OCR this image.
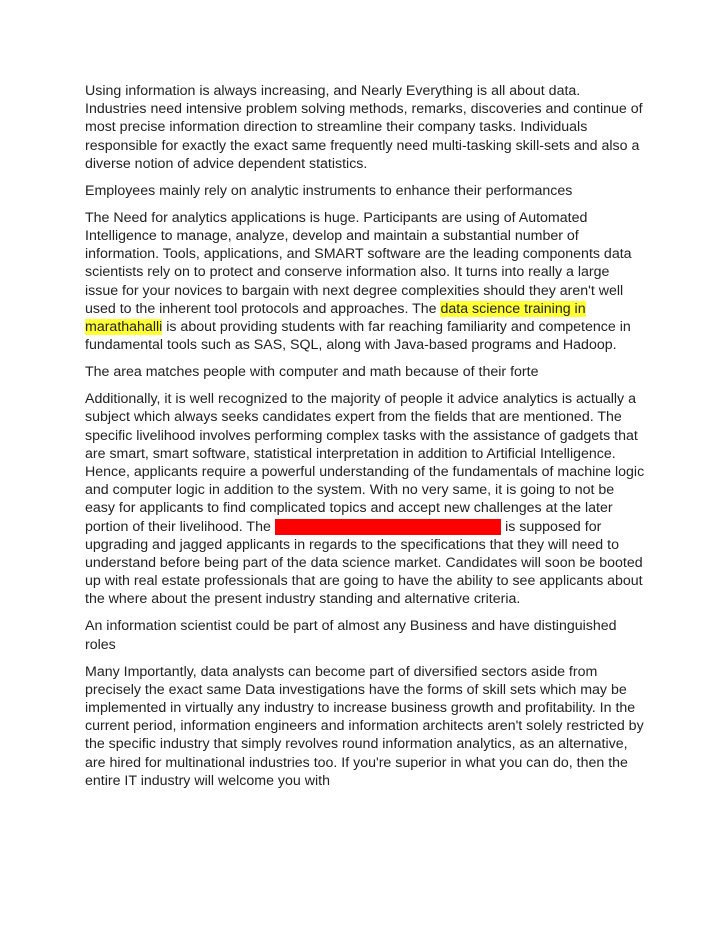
Using information is always increasing, and Nearly Everything is all about data. Industries need intensive problem solving methods, remarks, discoveries and continue of most precise information direction to streamline their company tasks. Individuals responsible for exactly the exact same frequently need multi-tasking skill-sets and also a diverse notion of advice dependent statistics.

Employees mainly rely on analytic instruments to enhance their performances

The Need for analytics applications is huge. Participants are using of Automated Intelligence to manage, analyze, develop and maintain a substantial number of information. Tools, applications, and SMART software are the leading components data scientists rely on to protect and conserve information also. It turns into really a large issue for your novices to bargain with next degree complexities should they aren't well used to the inherent tool protocols and approaches. The data science training in marathahalli is about providing students with far reaching familiarity and competence in fundamental tools such as SAS, SQL, along with Java-based programs and Hadoop.

The area matches people with computer and math because of their forte

Additionally, it is well recognized to the majority of people it advice analytics is actually a subject which always seeks candidates expert from the fields that are mentioned. The specific livelihood involves performing complex tasks with the assistance of gadgets that are smart, smart software, statistical interpretation in addition to Artificial Intelligence. Hence, applicants require a powerful understanding of the fundamentals of machine logic and computer logic in addition to the system. With no very same, it is going to not be easy for applicants to find complicated topics and accept new challenges at the later portion of their livelihood. The data science training in marathahalli is supposed for upgrading and jagged applicants in regards to the specifications that they will need to understand before being part of the data science market. Candidates will soon be booted up with real estate professionals that are going to have the ability to see applicants about the where about the present industry standing and alternative criteria.

An information scientist could be part of almost any Business and have distinguished roles

Many Importantly, data analysts can become part of diversified sectors aside from precisely the exact same Data investigations have the forms of skill sets which may be implemented in virtually any industry to increase business growth and profitability. In the current period, information engineers and information architects aren't solely restricted by the specific industry that simply revolves round information analytics, as an alternative, are hired for multinational industries too. If you're superior in what you can do, then the entire IT industry will welcome you with
